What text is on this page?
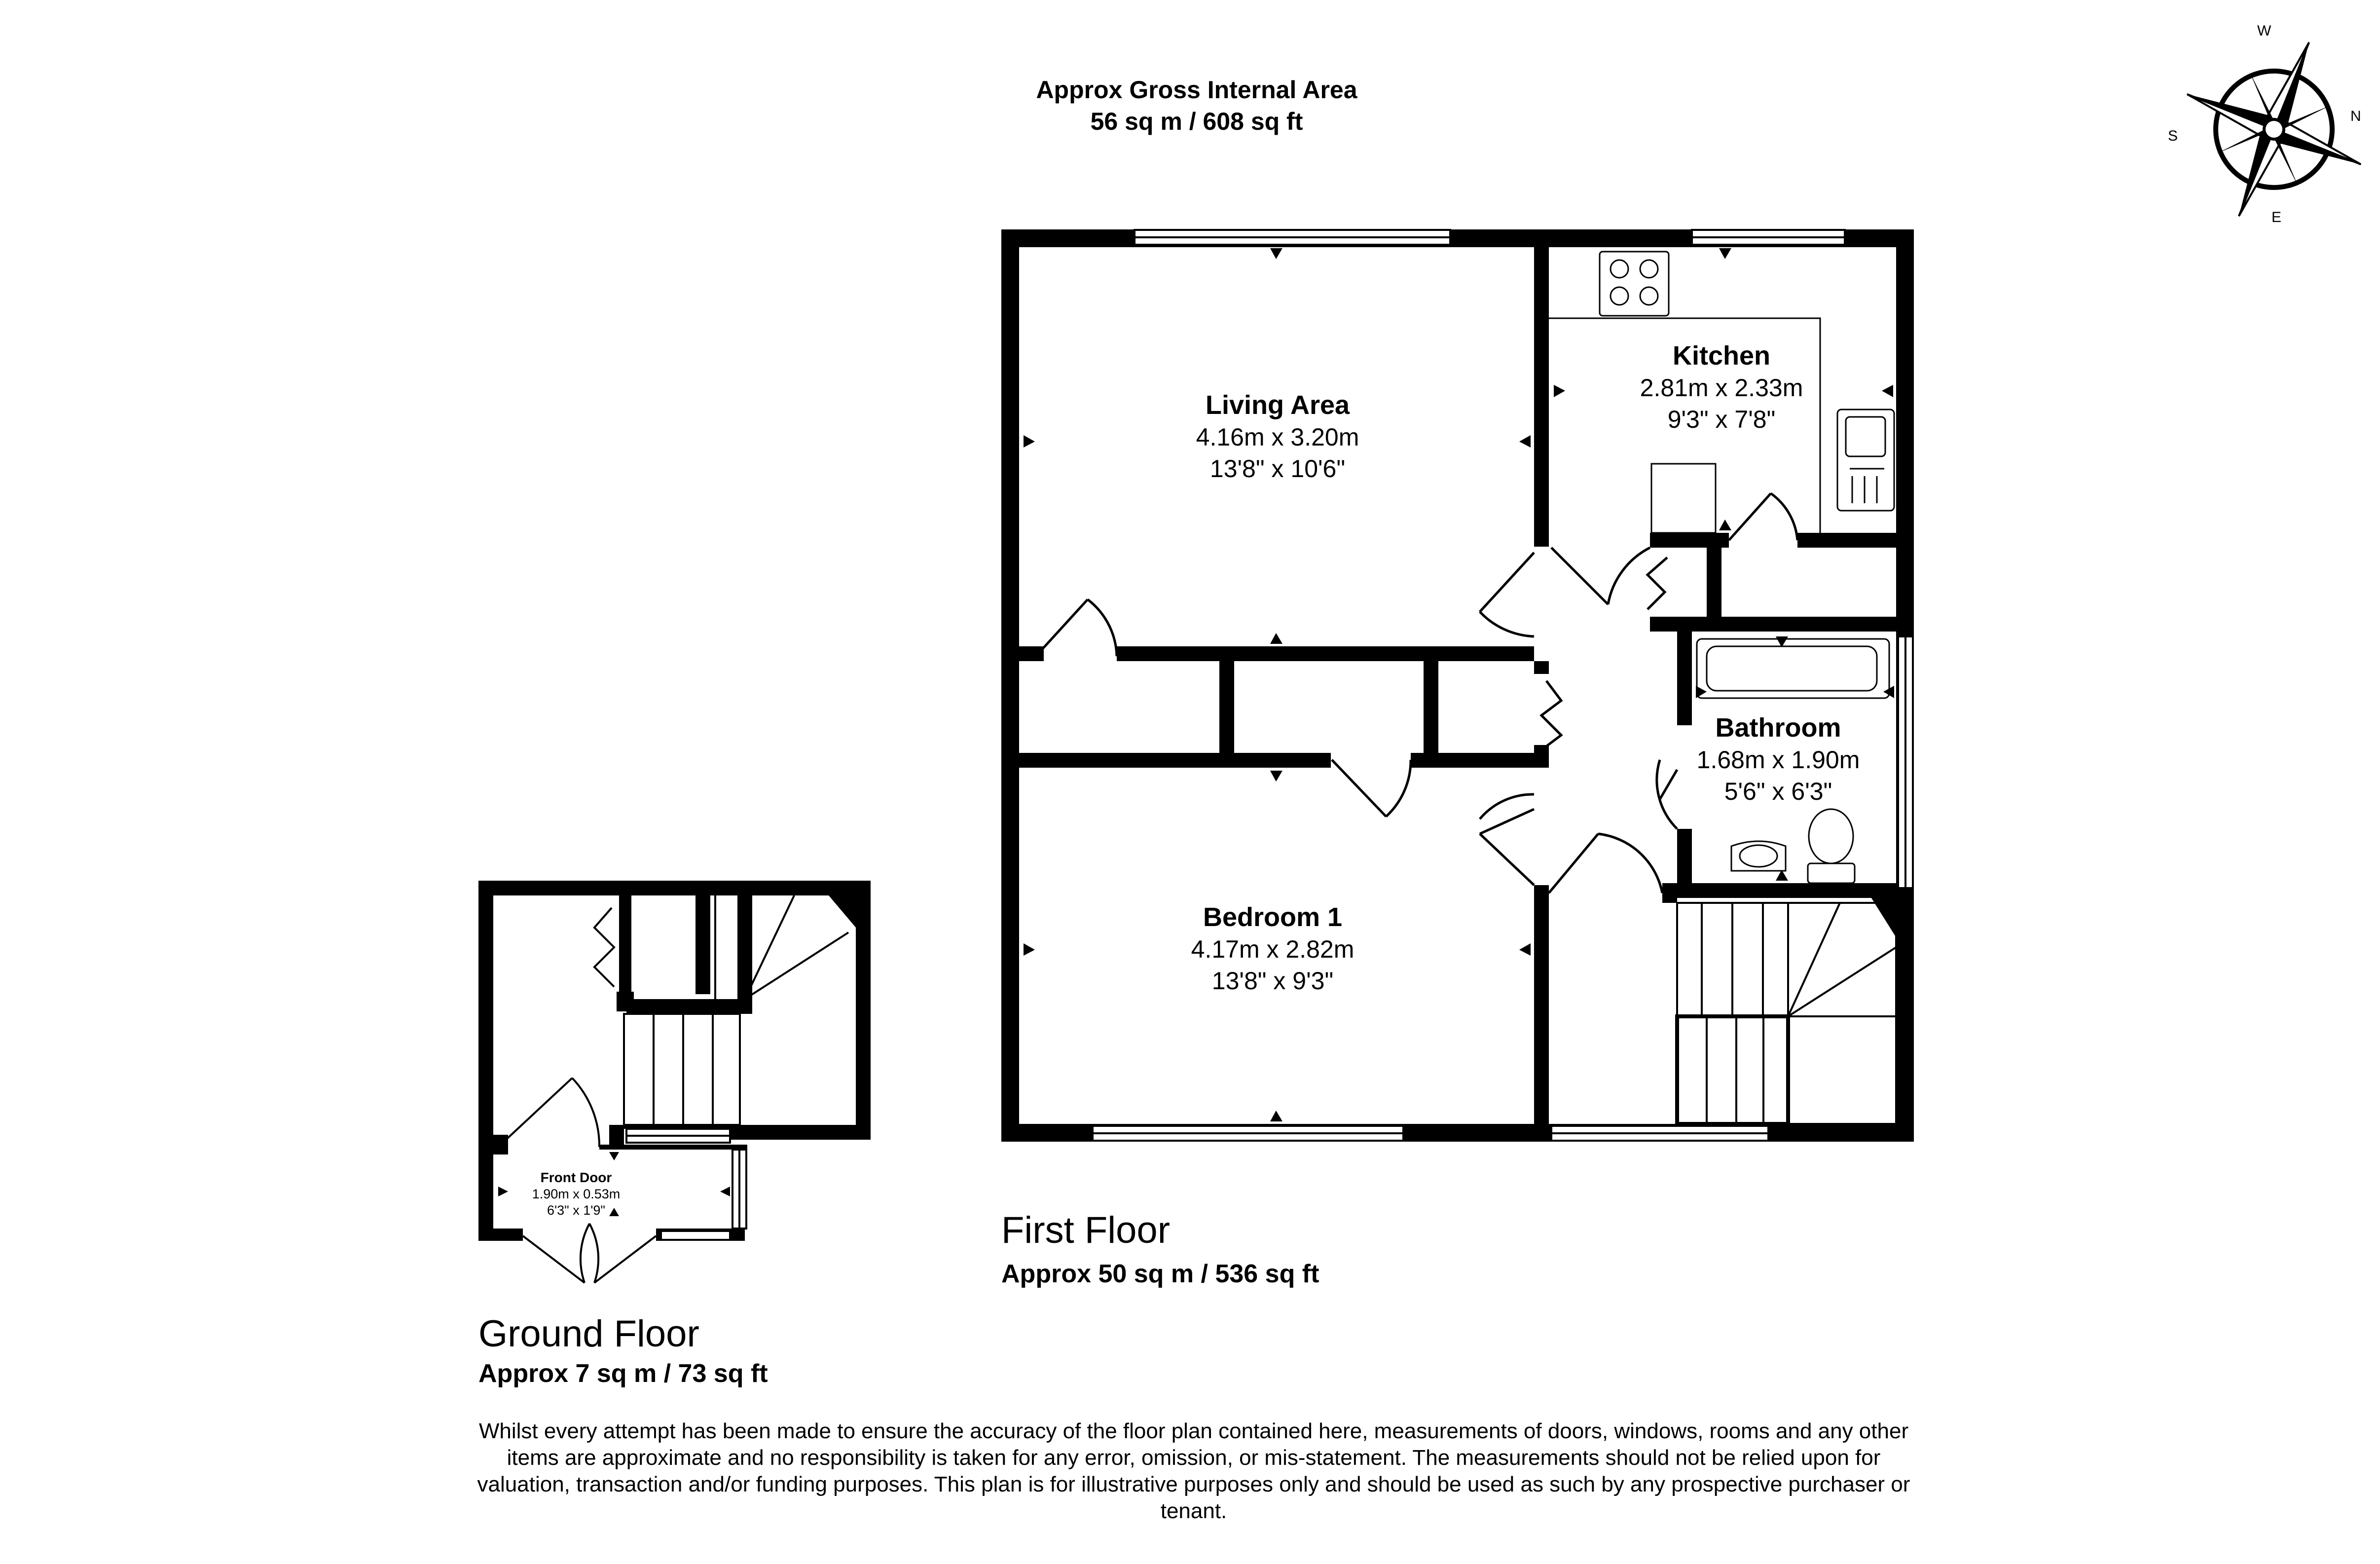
Approx Gross Internal Area
56 sq m / 608 sq ft
W
N
E
S
Living Area
4.16m x 3.20m
13'8" x 10'6"
Kitchen
2.81m x 2.33m
9'3" x 7'8"
Bathroom
1.68m x 1.90m
5'6" x 6'3"
Bedroom 1
4.17m x 2.82m
13'8" x 9'3"
Front Door
1.90m x 0.53m
6'3" x 1'9"	First Floor
Approx 50 sq m / 536 sq ft
Ground Floor
Approx 7 sq m / 73 sq ft
Whilst every attempt has been made to ensure the accuracy of the floor plan contained here, measurements of doors, windows, rooms and any other items are approximate and no responsibility is taken for any error, omission, or mis-statement. The measurements should not be relied upon for valuation, transaction and/or funding purposes. This plan is for illustrative purposes only and should be used as such by any prospective purchaser or tenant.
